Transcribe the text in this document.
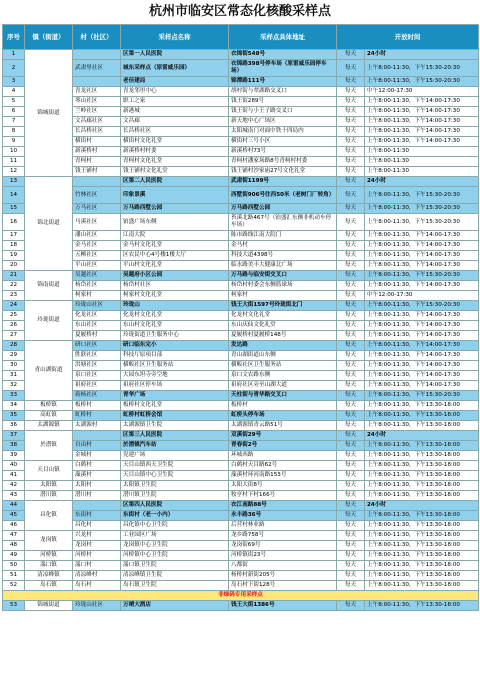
杭州市临安区常态化核酸采样点
序号	镇（街道）	村（社区）	采样点名称	采样点具体地址	开放时间	
1	锦城街道		区第一人民医院	衣锦街548号	每天	24小时
2		武肃里社区	城东采样点（原雷威乐园）	衣锦路398号停车场（原雷威乐园停车场）	每天	上午8:00-11:30，下午15:30-20:30
3			老佳建局	锦潭路111号	每天	上午8:00-11:30，下午15:30-20:30
4		青龙社区	青龙邻里中心	胡村街与翠湖路交叉口	每天	中午12:00-17:30
5		琴山社区	职工之家	钱王街289号	每天	上午8:00-11:30，下午14:00-17:30
6		兰岭社区	新港城	钱王街与小王子路交叉口	每天	上午8:00-11:30，下午14:00-17:30
7		文昌廊社区	文昌廊	新天地中心广场区	每天	上午8:00-11:30，下午14:00-17:30
8		长昌桥社区	长昌桥社区	太阳城南门对面中铁十四局内	每天	上午8:00-11:30，下午14:00-17:30
9		横街村	横街村文化礼堂	横街村三号小区	每天	上午8:00-11:30，下午14:00-17:30
10		新溪桥村	新溪桥村村委	新溪桥村73号	每天	上午8:00-11:30
11		青柯村	青柯村文化礼堂	青柯村潘家场路8号青柯村村委	每天	上午8:00-11:30
12		钱王铺村	钱王铺村文化礼堂	钱王铺村沙家庙27号文化礼堂	每天	上午8:00-11:30
13	锦北街道		区第二人民医院	武肃街1199号	每天	24小时
14		竹林社区	印象景溪	西墅街906号往西50米（老树门厂转角）	每天	上午8:00-11:30，下午15:30-20:30
15		万马社区	万马路西墅公园	万马路西墅公园	每天	上午8:00-11:30，下午15:30-20:30
16		马溪社区	铂盛广场东侧	苔溪北路467号（铂盛汇东侧非机动车停车场）	每天	上午8:00-11:30，下午15:30-20:30
17		潘山社区	江南大院	陈市路线江南大院门	每天	上午8:00-11:30，下午14:00-17:30
18		金马社区	金马村文化礼堂	金马村	每天	上午8:00-11:30，下午14:00-17:30
19		五柳社区	区农民中心4号楼1楼大厅	科技大道4398号	每天	上午8:00-11:30，下午14:00-17:30
20		平山社区	平山村文化礼堂	临水路美丰大健康北广场	每天	上午8:00-11:30，下午14:00-17:30
21	锦南街道	吴越社区	吴越府小区公园	万马路与临安街交叉口	每天	上午8:00-11:30，下午15:30-20:30
22		杨岱社区	杨岱村社区	杨岱村村委会东侧篮球场	每天	上午8:00-11:30，下午14:00-17:30
23		柯家村	柯家村文化礼堂	柯家村	每天	中午12:00-17:30
24	玲珑街道	玲珑山社区	玲珑山	钱王大街1597号玲珑街北门	每天	上午8:00-11:30，下午15:30-20:30
25		化龙社区	化龙村文化礼堂	化龙村文化礼堂	每天	上午8:00-11:30，下午14:00-17:30
26		东山社区	东山村文化礼堂	东山庆仙文化礼堂	每天	上午8:00-11:30，下午14:00-17:30
27		夏履桥村	玲珑街道卫生服务中心	夏履桥村夏履桥148号	每天	上午8:00-11:30，下午14:00-17:30
28	青山湖街道	研口社区	研口临东完小	发达路	每天	上午8:00-11:30，下午14:00-17:30
29		胜联社区	科技厅原项目部	青山湖街道山东侧	每天	上午8:00-11:30，下午14:00-17:30
30		洪塘社区	横畈社区卫生服务站	横畈社区卫生服务站	每天	上午8:00-11:30，下午14:00-17:30
31		泉口社区	大园东坦寺旁空地	泉口文农路东侧	每天	上午8:00-11:30，下午14:00-17:30
32		祖府社区	祖府社区停车场	祖府社区旁至山湖大道	每天	上午8:00-11:30，下午14:00-17:30
33		蒋杨社区	青华广场	天柱街与青华路交叉口	每天	上午8:00-11:30，下午15:30-20:30
34	板桥镇	板桥村	板桥村文化礼堂	板桥村	每天	上午8:00-11:30，下午13:30-18:00
35	高虹镇	虹桥村	虹桥村虹桥会馆	虹桥头停车场	每天	上午8:00-11:30，下午13:30-18:00
36	太湖源镇	太湖源村	太湖源镇卫生院	太湖源镇青云路51号	每天	上午8:00-11:30，下午13:30-18:00
37	於潜镇		区第三人民医院	双溪街29号	每天	24小时
38		自由村	於潜镇汽车站	青春街2号	每天	上午8:00-11:30，下午13:30-18:00
39		金城村	党建广场	环城西路	每天	上午8:00-11:30，下午13:30-18:00
40	天目山镇	白鹤村	天目山镇西天卫生院	白鹤村天目路62号	每天	上午8:00-11:30，下午13:30-18:00
41		藻溪村	天目山镇中心卫生院	藻溪村环河南路153号	每天	上午8:00-11:30，下午13:30-18:00
42	太阳镇	太阳村	太阳镇卫生院	太阳大街8号	每天	上午8:00-11:30，下午13:30-18:00
43	潜川镇	潜川村	潜川镇卫生院	牧亭村下村166号	每天	上午8:00-11:30，下午13:30-18:00
44	昌化镇		区第四人民医院	衣江南路88号	每天	24小时
45		东街村	东街村（老一小内）	永丰路36号	每天	上午8:00-11:30，下午13:30-18:00
46		昌化村	昌化镇中心卫生院	后营村林业路	每天	上午8:00-11:30，下午13:30-18:00
47	龙岗镇	兴龙村	工业园区广场	龙乡路758号	每天	上午8:00-11:30，下午13:30-18:00
48		龙岗村	龙岗镇中心卫生院	龙岗街69号	每天	上午8:00-11:30，下午13:30-18:00
49	河桥镇	河桥村	河桥镇中心卫生院	河桥镇街23号	每天	上午8:00-11:30，下午13:30-18:00
50	湍口镇	湍口村	湍口镇卫生院	八都街	每天	上午8:00-11:30，下午13:30-18:00
51	清凉峰镇	清凉峰村	清凉峰镇卫生院	杨桥村新街205号	每天	上午8:00-11:30，下午13:30-18:00
52	岛石镇	岛石村	岛石镇卫生院	岛石村下街128号	每天	上午8:00-11:30，下午13:30-18:00
非绿码专用采样点						
53	锦城街道	玲珑山社区	万晴大酒店	钱王大街1386号	每天	上午8:00-11:30，下午13:30-18:00
